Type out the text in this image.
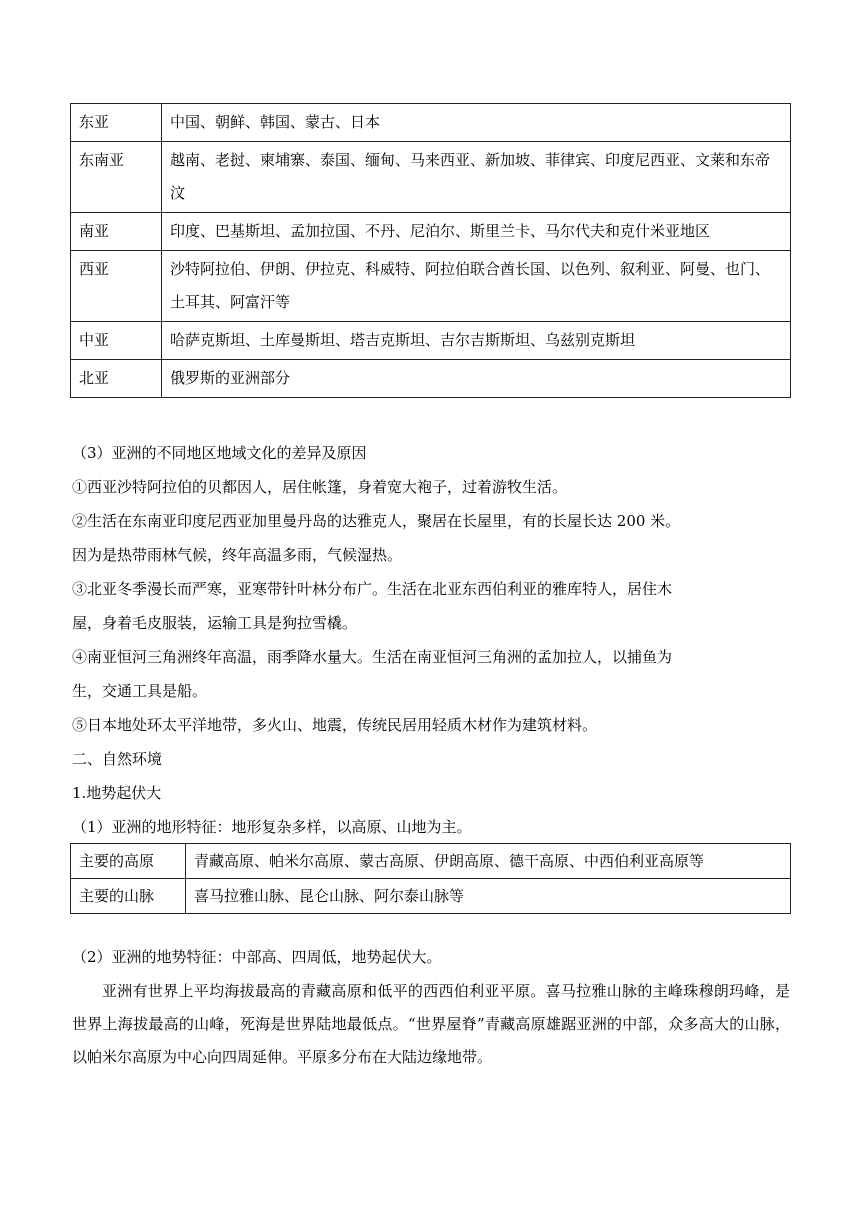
东亚	中国、朝鲜、韩国、蒙古、日本
东南亚	越南、老挝、柬埔寨、泰国、缅甸、马来西亚、新加坡、菲律宾、印度尼西亚、文莱和东帝汶
南亚	印度、巴基斯坦、孟加拉国、不丹、尼泊尔、斯里兰卡、马尔代夫和克什米亚地区
西亚	沙特阿拉伯、伊朗、伊拉克、科威特、阿拉伯联合酋长国、以色列、叙利亚、阿曼、也门、土耳其、阿富汗等
中亚	哈萨克斯坦、土库曼斯坦、塔吉克斯坦、吉尔吉斯斯坦、乌兹别克斯坦
北亚	俄罗斯的亚洲部分
（3）亚洲的不同地区地域文化的差异及原因
①西亚沙特阿拉伯的贝都因人，居住帐篷，身着宽大袍子，过着游牧生活。
②生活在东南亚印度尼西亚加里曼丹岛的达雅克人，聚居在长屋里，有的长屋长达 200 米。
因为是热带雨林气候，终年高温多雨，气候湿热。
③北亚冬季漫长而严寒，亚寒带针叶林分布广。生活在北亚东西伯利亚的雅库特人，居住木
屋，身着毛皮服装，运输工具是狗拉雪橇。
④南亚恒河三角洲终年高温，雨季降水量大。生活在南亚恒河三角洲的孟加拉人，以捕鱼为
生，交通工具是船。
⑤日本地处环太平洋地带，多火山、地震，传统民居用轻质木材作为建筑材料。
二、自然环境
1.地势起伏大
（1）亚洲的地形特征：地形复杂多样，以高原、山地为主。
主要的高原	青藏高原、帕米尔高原、蒙古高原、伊朗高原、德干高原、中西伯利亚高原等
主要的山脉	喜马拉雅山脉、昆仑山脉、阿尔泰山脉等
（2）亚洲的地势特征：中部高、四周低，地势起伏大。
亚洲有世界上平均海拔最高的青藏高原和低平的西西伯利亚平原。喜马拉雅山脉的主峰珠穆朗玛峰，是世界上海拔最高的山峰，死海是世界陆地最低点。“世界屋脊”青藏高原雄踞亚洲的中部，众多高大的山脉，以帕米尔高原为中心向四周延伸。平原多分布在大陆边缘地带。
